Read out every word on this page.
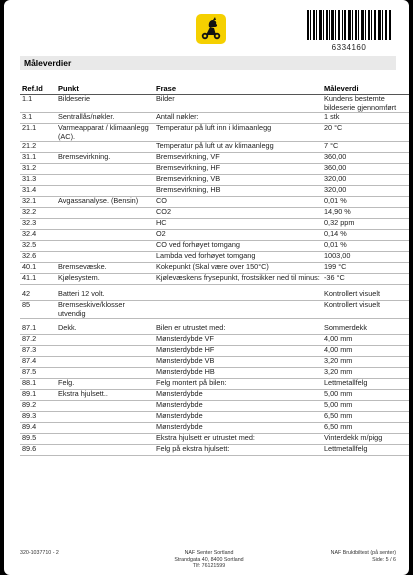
6334160
Måleverdier
Ref.Id	Punkt	Frase	Måleverdi
1.1	Bildeserie	Bilder	Kundens bestemte bildeserie gjennomført
3.1	Sentrallås/nøkler.	Antall nøkler:	1 stk
21.1	Varmeapparat / klimaanlegg (AC).	Temperatur på luft inn i klimaanlegg	20 °C
21.2		Temperatur på luft ut av klimaanlegg	7 °C
31.1	Bremsevirkning.	Bremsevirkning, VF	360,00
31.2		Bremsevirkning, HF	360,00
31.3		Bremsevirkning, VB	320,00
31.4		Bremsevirkning, HB	320,00
32.1	Avgassanalyse. (Bensin)	CO	0,01 %
32.2		CO2	14,90 %
32.3		HC	0,32 ppm
32.4		O2	0,14 %
32.5		CO ved forhøyet tomgang	0,01 %
32.6		Lambda ved forhøyet tomgang	1003,00
40.1	Bremsevæske.	Kokepunkt (Skal være over 150°C)	199 °C
41.1	Kjølesystem.	Kjølevæskens frysepunkt, frostsikker ned til minus:	-36 °C
42	Batteri 12 volt.		Kontrollert visuelt
85	Bremseskive/klosser utvendig		Kontrollert visuelt
87.1	Dekk.	Bilen er utrustet med:	Sommerdekk
87.2		Mønsterdybde VF	4,00 mm
87.3		Mønsterdybde HF	4,00 mm
87.4		Mønsterdybde VB	3,20 mm
87.5		Mønsterdybde HB	3,20 mm
88.1	Felg.	Felg montert på bilen:	Lettmetallfelg
89.1	Ekstra hjulsett..	Mønsterdybde	5,00 mm
89.2		Mønsterdybde	5,00 mm
89.3		Mønsterdybde	6,50 mm
89.4		Mønsterdybde	6,50 mm
89.5		Ekstra hjulsett er utrustet med:	Vinterdekk m/pigg
89.6		Felg på ekstra hjulsett:	Lettmetallfelg
320-1037710 - 2	NAF Senter Sortland
Strandgata 40, 8400 Sortland
Tlf: 76121599
NAF Bruktbiltest (på senter)
Side: 5 / 6
